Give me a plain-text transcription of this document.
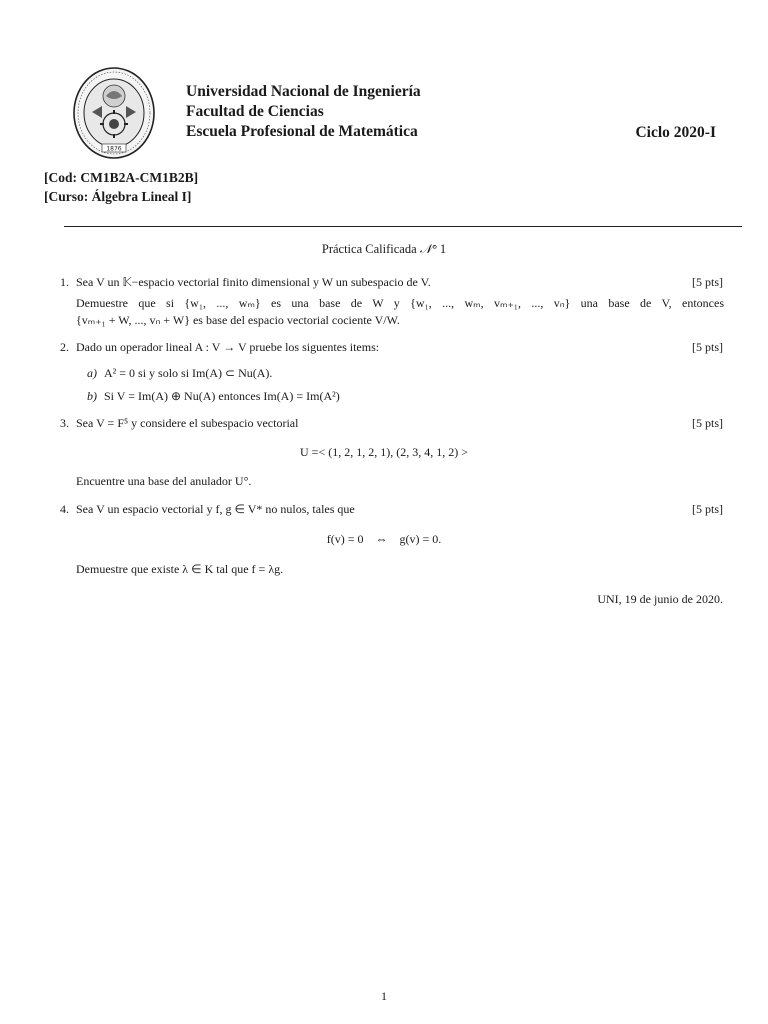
1876
Universidad Nacional de Ingeniería
Facultad de Ciencias
Escuela Profesional de Matemática	Ciclo 2020-I
[Cod: CM1B2A-CM1B2B]
[Curso: Álgebra Lineal I]
Práctica Calificada 𝒩° 1
1. Sea V un 𝕂−espacio vectorial finito dimensional y W un subespacio de V.	[5 pts]
Demuestre que si {w₁, ..., wₘ} es una base de W y {w₁, ..., wₘ, vₘ₊₁, ..., vₙ} una base de V, entonces
{vₘ₊₁ + W, ..., vₙ + W} es base del espacio vectorial cociente V/W.
2. Dado un operador lineal A : V → V pruebe los siguentes items:	[5 pts]
a) A² = 0 si y solo si Im(A) ⊂ Nu(A).
b) Si V = Im(A) ⊕ Nu(A) entonces Im(A) = Im(A²)
3. Sea V = F⁵ y considere el subespacio vectorial	[5 pts]
U =< (1, 2, 1, 2, 1), (2, 3, 4, 1, 2) >
Encuentre una base del anulador U°.
4. Sea V un espacio vectorial y f, g ∈ V* no nulos, tales que	[5 pts]
f(v) = 0    ⇔    g(v) = 0.
Demuestre que existe λ ∈ K tal que f = λg.
UNI, 19 de junio de 2020.
1
